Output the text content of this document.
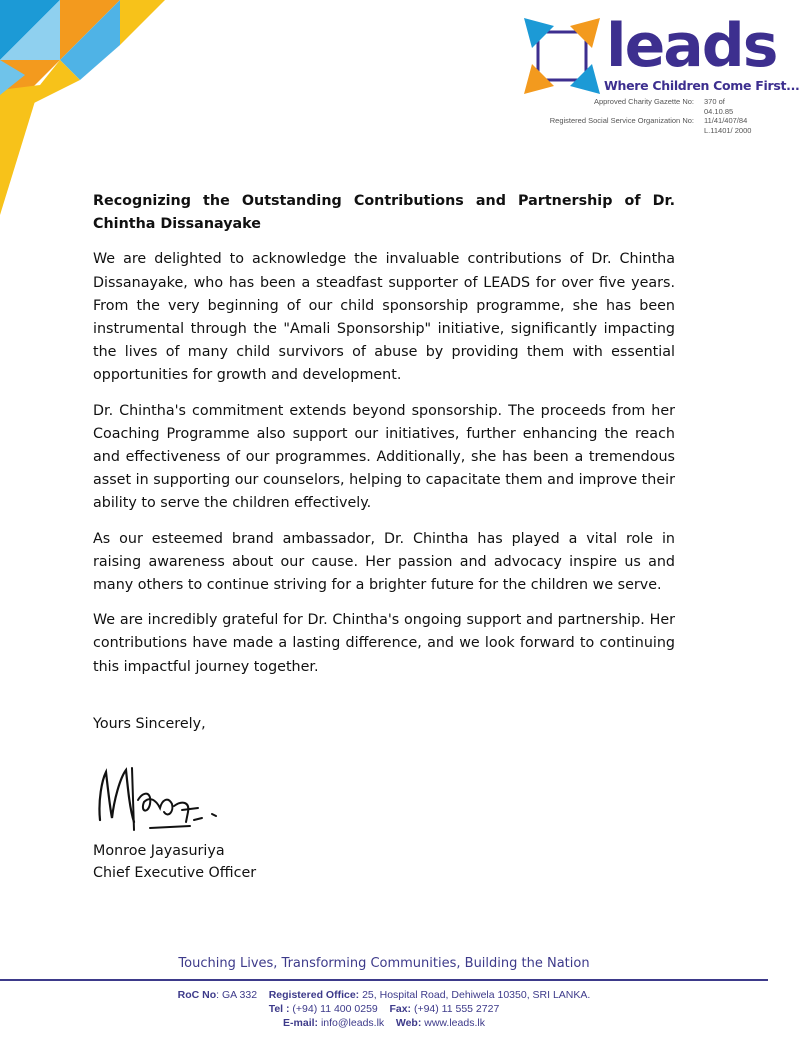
leads
Where Children Come First...
Approved Charity Gazette No:	370 of 04.10.85
Registered Social Service Organization No:	11/41/407/84
L.11401/ 2000

Recognizing the Outstanding Contributions and Partnership of Dr. Chintha Dissanayake

We are delighted to acknowledge the invaluable contributions of Dr. Chintha Dissanayake, who has been a steadfast supporter of LEADS for over five years. From the very beginning of our child sponsorship programme, she has been instrumental through the "Amali Sponsorship" initiative, significantly impacting the lives of many child survivors of abuse by providing them with essential opportunities for growth and development.

Dr. Chintha's commitment extends beyond sponsorship. The proceeds from her Coaching Programme also support our initiatives, further enhancing the reach and effectiveness of our programmes. Additionally, she has been a tremendous asset in supporting our counselors, helping to capacitate them and improve their ability to serve the children effectively.

As our esteemed brand ambassador, Dr. Chintha has played a vital role in raising awareness about our cause. Her passion and advocacy inspire us and many others to continue striving for a brighter future for the children we serve.

We are incredibly grateful for Dr. Chintha's ongoing support and partnership. Her contributions have made a lasting difference, and we look forward to continuing this impactful journey together.

Yours Sincerely,
Monroe Jayasuriya
Chief Executive Officer
Touching Lives, Transforming Communities, Building the Nation
RoC No: GA 332 Registered Office: 25, Hospital Road, Dehiwela 10350, SRI LANKA.
Tel : (+94) 11 400 0259 Fax: (+94) 11 555 2727
E-mail: info@leads.lk Web: www.leads.lk
